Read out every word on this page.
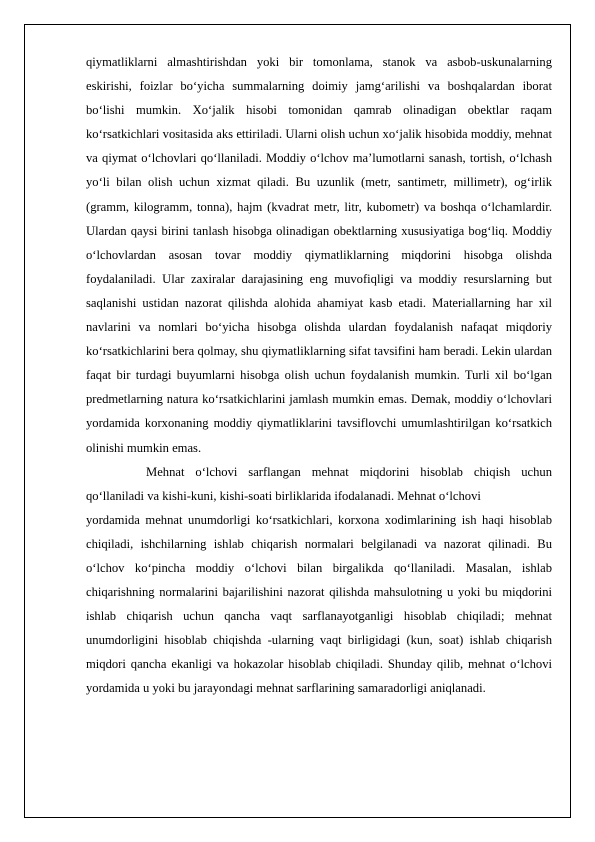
qiymatliklarni almashtirishdan yoki bir tomonlama, stanok va asbob-uskunalarning eskirishi, foizlar bo‘yicha summalarning doimiy jamg‘arilishi va boshqalardan iborat bo‘lishi mumkin. Xo‘jalik hisobi tomonidan qamrab olinadigan obektlar raqam ko‘rsatkichlari vositasida aks ettiriladi. Ularni olish uchun xo‘jalik hisobida moddiy, mehnat va qiymat o‘lchovlari qo‘llaniladi. Moddiy o‘lchov ma’lumotlarni sanash, tortish, o‘lchash yo‘li bilan olish uchun xizmat qiladi. Bu uzunlik (metr, santimetr, millimetr), og‘irlik (gramm, kilogramm, tonna), hajm (kvadrat metr, litr, kubometr) va boshqa o‘lchamlardir. Ulardan qaysi birini tanlash hisobga olinadigan obektlarning xususiyatiga bog‘liq. Moddiy o‘lchovlardan asosan tovar moddiy qiymatliklarning miqdorini hisobga olishda foydalaniladi. Ular zaxiralar darajasining eng muvofiqligi va moddiy resurslarning but saqlanishi ustidan nazorat qilishda alohida ahamiyat kasb etadi. Materiallarning har xil navlarini va nomlari bo‘yicha hisobga olishda ulardan foydalanish nafaqat miqdoriy ko‘rsatkichlarini bera qolmay, shu qiymatliklarning sifat tavsifini ham beradi. Lekin ulardan faqat bir turdagi buyumlarni hisobga olish uchun foydalanish mumkin. Turli xil bo‘lgan predmetlarning natura ko‘rsatkichlarini jamlash mumkin emas. Demak, moddiy o‘lchovlari yordamida korxonaning moddiy qiymatliklarini tavsiflovchi umumlashtirilgan ko‘rsatkich olinishi mumkin emas.

Mehnat o‘lchovi sarflangan mehnat miqdorini hisoblab chiqish uchun qo‘llaniladi va kishi-kuni, kishi-soati birliklarida ifodalanadi. Mehnat o‘lchovi

yordamida mehnat unumdorligi ko‘rsatkichlari, korxona xodimlarining ish haqi hisoblab chiqiladi, ishchilarning ishlab chiqarish normalari belgilanadi va nazorat qilinadi. Bu o‘lchov ko‘pincha moddiy o‘lchovi bilan birgalikda qo‘llaniladi. Masalan, ishlab chiqarishning normalarini bajarilishini nazorat qilishda mahsulotning u yoki bu miqdorini ishlab chiqarish uchun qancha vaqt sarflanayotganligi hisoblab chiqiladi; mehnat unumdorligini hisoblab chiqishda -ularning vaqt birligidagi (kun, soat) ishlab chiqarish miqdori qancha ekanligi va hokazolar hisoblab chiqiladi. Shunday qilib, mehnat o‘lchovi yordamida u yoki bu jarayondagi mehnat sarflarining samaradorligi aniqlanadi.
